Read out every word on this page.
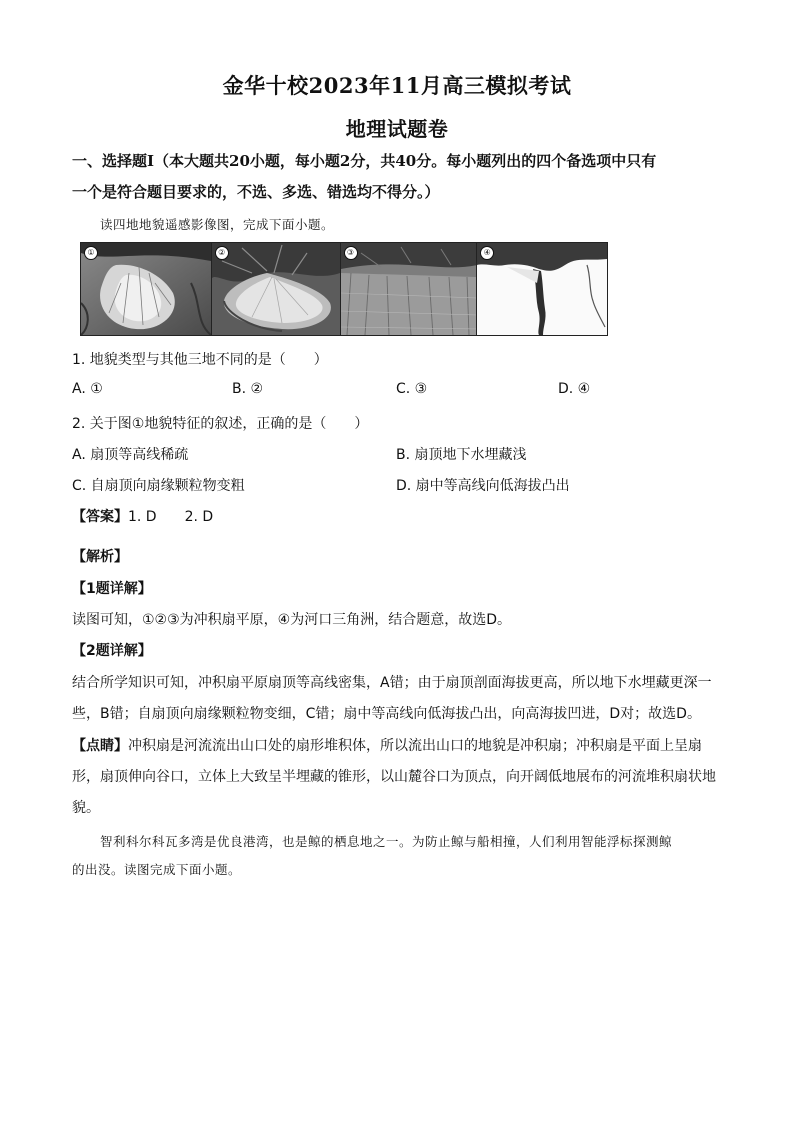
金华十校2023年11月高三模拟考试
地理试题卷
一、选择题Ⅰ（本大题共20小题，每小题2分，共40分。每小题列出的四个备选项中只有
一个是符合题目要求的，不选、多选、错选均不得分。）
读四地地貌遥感影像图，完成下面小题。
①	②	③	④
1. 地貌类型与其他三地不同的是（　　）
A. ①	B. ②	C. ③	D. ④
2. 关于图①地貌特征的叙述，正确的是（　　）
A. 扇顶等高线稀疏	B. 扇顶地下水埋藏浅
C. 自扇顶向扇缘颗粒物变粗	D. 扇中等高线向低海拔凸出
【答案】1. D　　2. D
【解析】
【1题详解】
读图可知，①②③为冲积扇平原，④为河口三角洲，结合题意，故选D。
【2题详解】
结合所学知识可知，冲积扇平原扇顶等高线密集，A错；由于扇顶剖面海拔更高，所以地下水埋藏更深一
些，B错；自扇顶向扇缘颗粒物变细，C错；扇中等高线向低海拔凸出，向高海拔凹进，D对；故选D。
【点睛】冲积扇是河流流出山口处的扇形堆积体，所以流出山口的地貌是冲积扇；冲积扇是平面上呈扇
形，扇顶伸向谷口，立体上大致呈半埋藏的锥形，以山麓谷口为顶点，向开阔低地展布的河流堆积扇状地
貌。
智利科尔科瓦多湾是优良港湾，也是鲸的栖息地之一。为防止鲸与船相撞，人们利用智能浮标探测鲸
的出没。读图完成下面小题。
